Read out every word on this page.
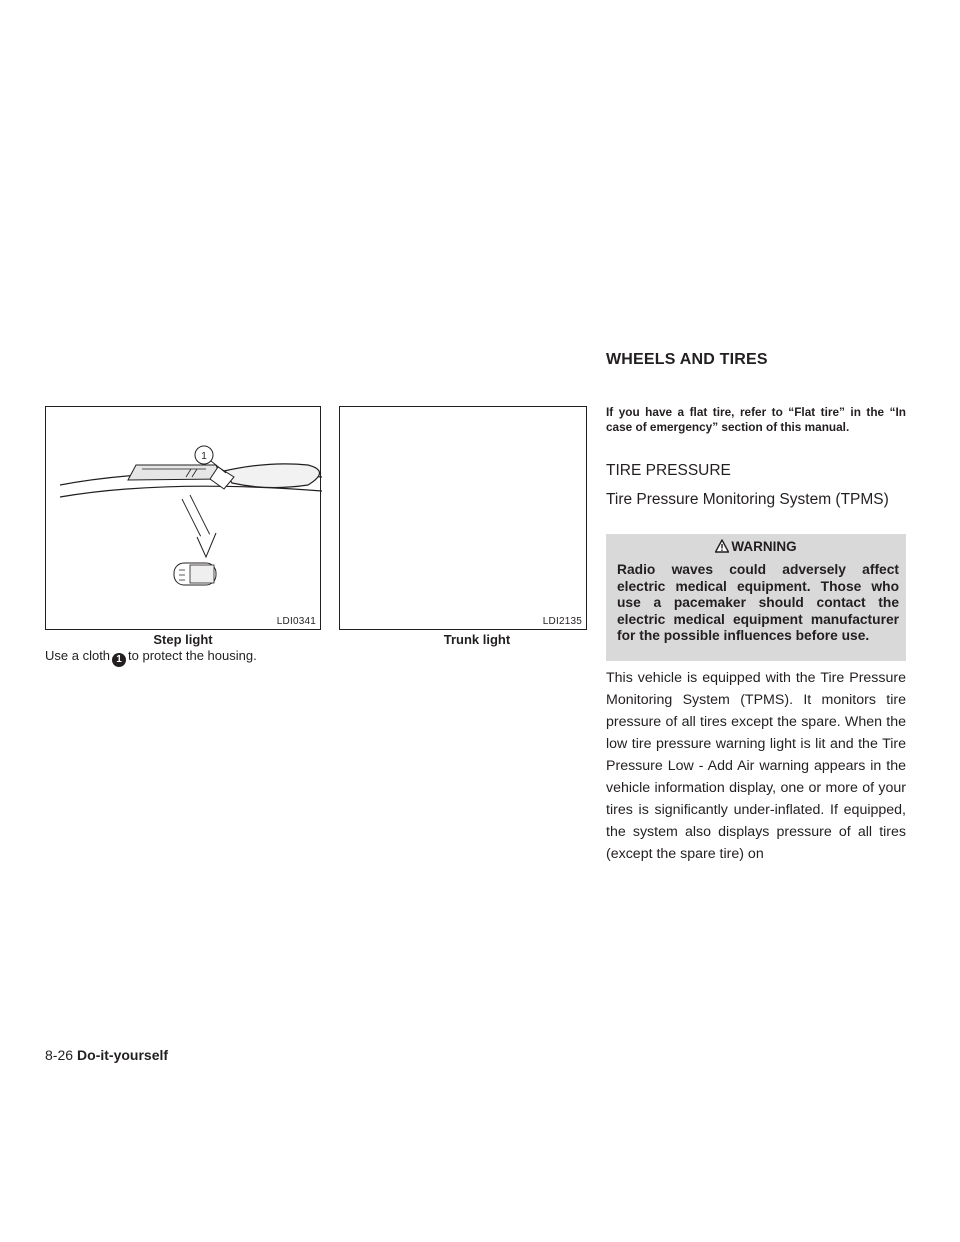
WHEELS AND TIRES
1
LDI0341
Step light
Use a cloth 1 to protect the housing.
LDI2135
Trunk light
If you have a flat tire, refer to “Flat tire” in the “In case of emergency” section of this manual.
TIRE PRESSURE
Tire Pressure Monitoring System (TPMS)
WARNING
Radio waves could adversely affect electric medical equipment. Those who use a pacemaker should contact the electric medical equipment manufacturer for the possible influences before use.
This vehicle is equipped with the Tire Pressure Monitoring System (TPMS). It monitors tire pressure of all tires except the spare. When the low tire pressure warning light is lit and the Tire Pressure Low - Add Air warning appears in the vehicle information display, one or more of your tires is significantly under-inflated. If equipped, the system also displays pressure of all tires (except the spare tire) on
8-26 Do-it-yourself
